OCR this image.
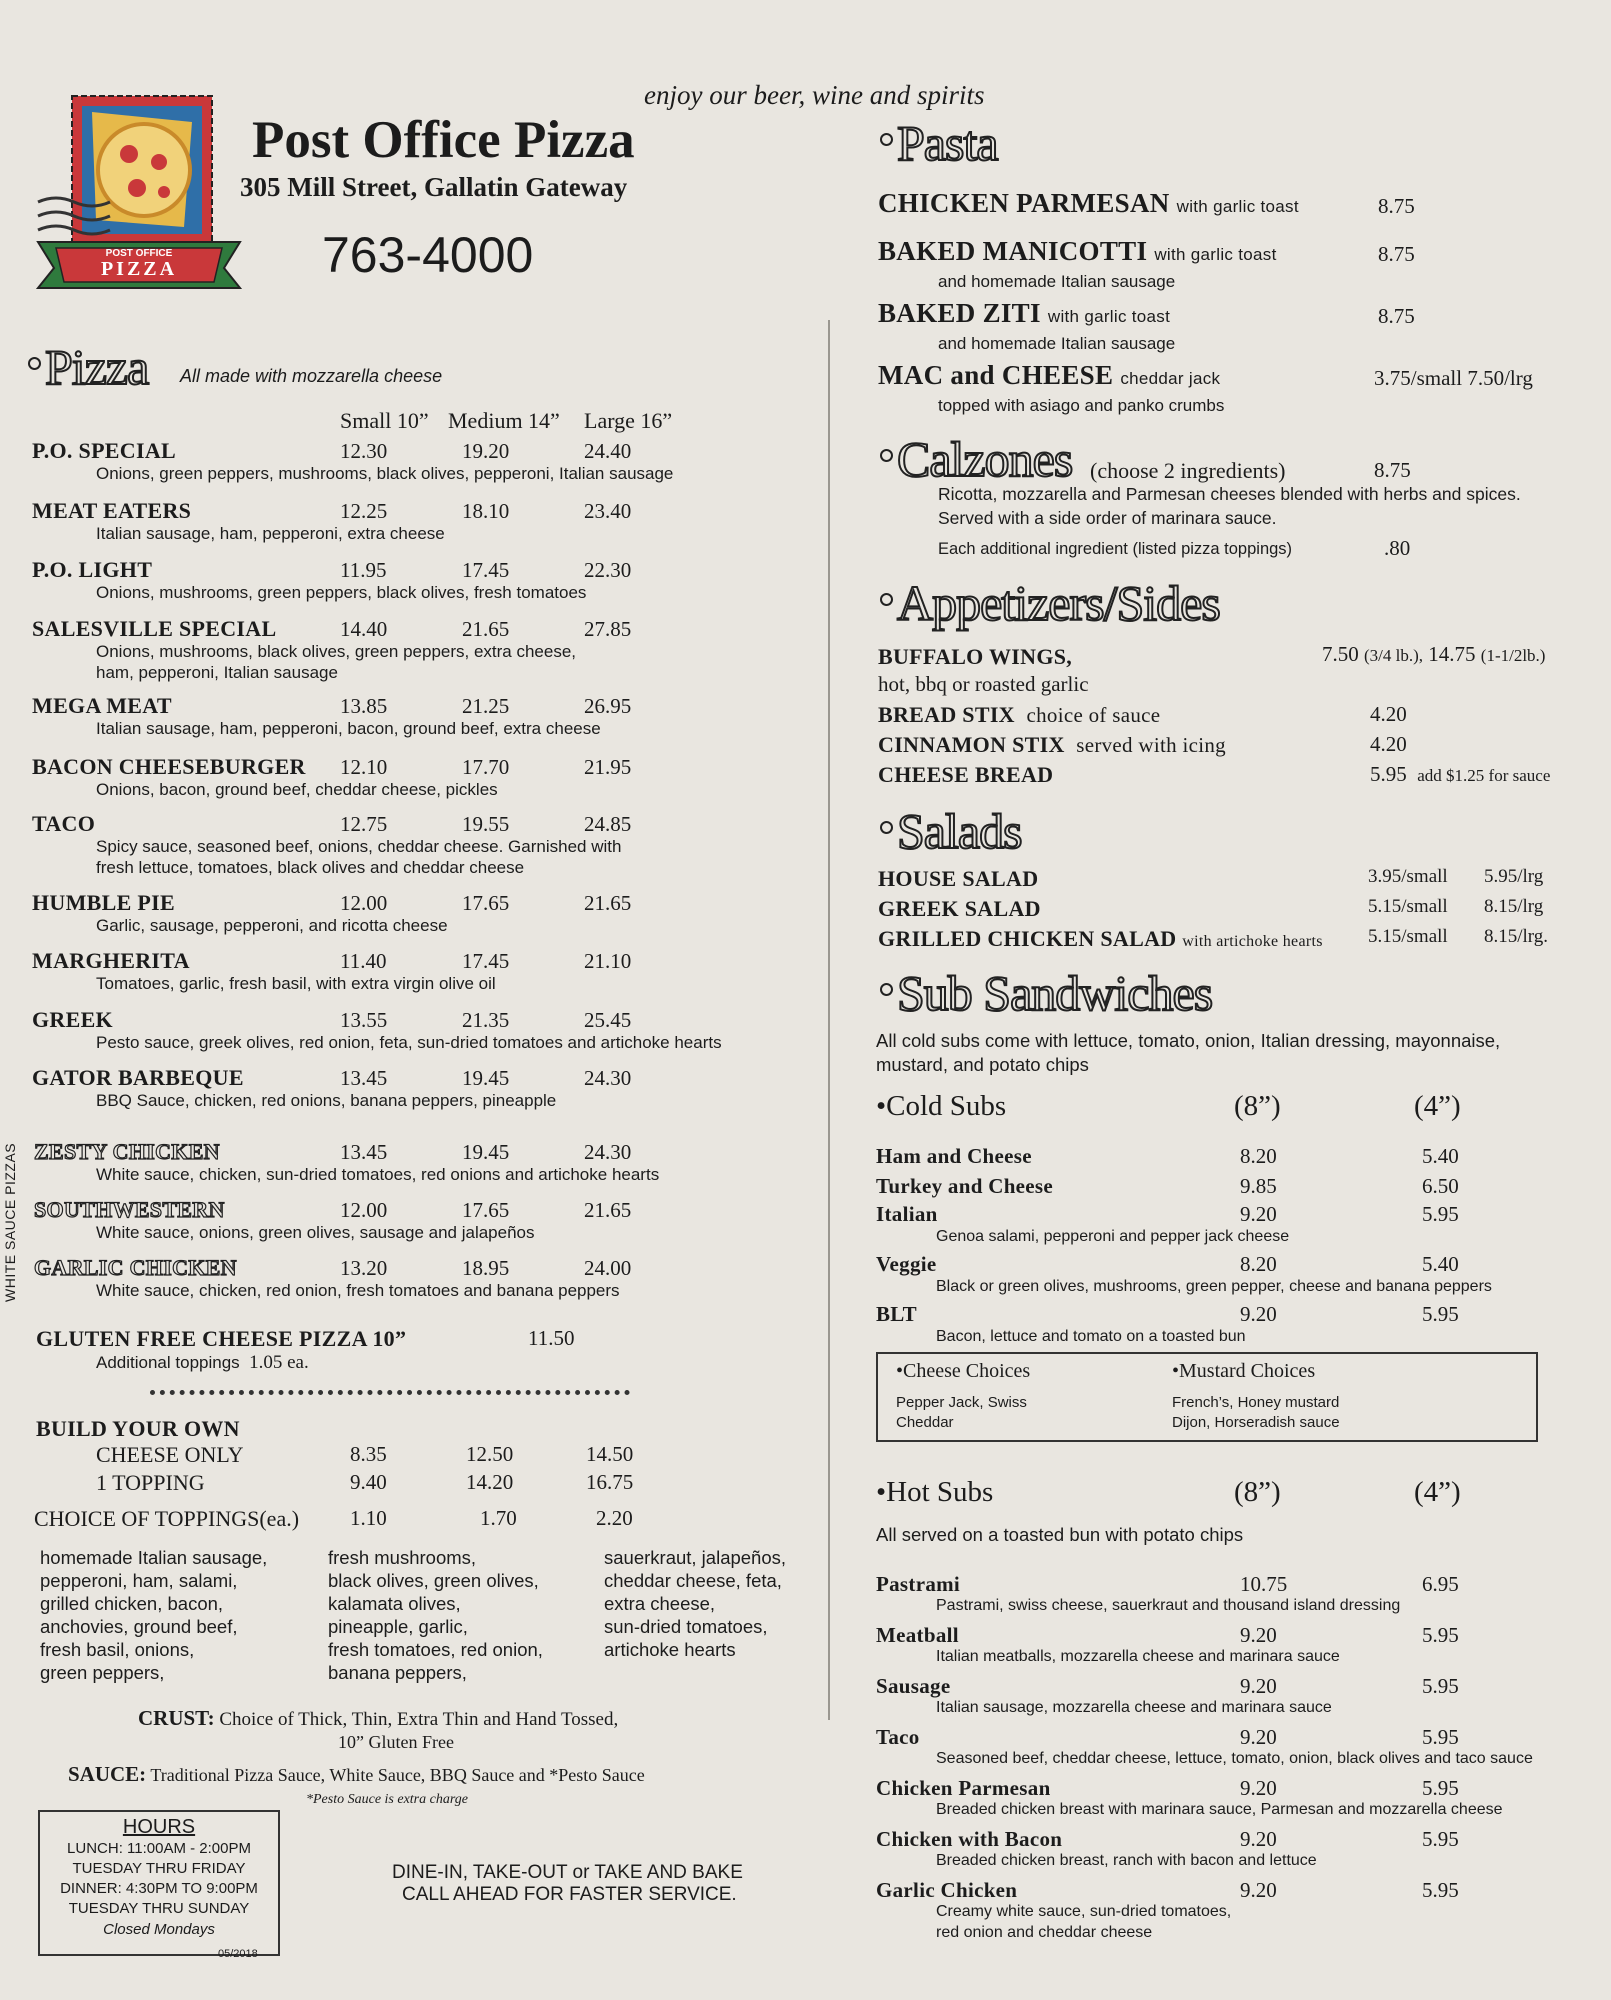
POST OFFICE
PIZZA
enjoy our beer, wine and spirits
Post Office Pizza
305 Mill Street, Gallatin Gateway
763-4000
Pizza All made with mozzarella cheese
Small 10” Medium 14” Large 16”
WHITE SAUCE PIZZAS
GLUTEN FREE CHEESE PIZZA 10”	11.50
Additional toppings 1.05 ea.
BUILD YOUR OWN
CHOICE OF TOPPINGS(ea.) 1.10	1.70	2.20
CRUST: Choice of Thick, Thin, Extra Thin and Hand Tossed,
10” Gluten Free
SAUCE: Traditional Pizza Sauce, White Sauce, BBQ Sauce and *Pesto Sauce
*Pesto Sauce is extra charge
HOURS
LUNCH: 11:00AM - 2:00PM
TUESDAY THRU FRIDAY
DINNER: 4:30PM TO 9:00PM
TUESDAY THRU SUNDAY
Closed Mondays
05/2018
DINE-IN, TAKE-OUT or TAKE AND BAKE
CALL AHEAD FOR FASTER SERVICE.
Pasta
Calzones (choose 2 ingredients)	8.75
Ricotta, mozzarella and Parmesan cheeses blended with herbs and spices.
Served with a side order of marinara sauce.
Each additional ingredient (listed pizza toppings)	.80
Appetizers/Sides
BUFFALO WINGS,	7.50 (3/4 lb.), 14.75 (1-1/2lb.)
hot, bbq or roasted garlic
Salads
Sub Sandwiches
All cold subs come with lettuce, tomato, onion, Italian dressing, mayonnaise,
mustard, and potato chips
•Cold Subs	(8”)	(4”)
•Cheese Choices
Pepper Jack, Swiss
Cheddar
•Mustard Choices
French’s, Honey mustard
Dijon, Horseradish sauce
•Hot Subs	(8”)	(4”)
All served on a toasted bun with potato chips
P.O. SPECIAL	12.30	19.20	24.40
Onions, green peppers, mushrooms, black olives, pepperoni, Italian sausage
MEAT EATERS	12.25	18.10	23.40
Italian sausage, ham, pepperoni, extra cheese
P.O. LIGHT	11.95	17.45	22.30
Onions, mushrooms, green peppers, black olives, fresh tomatoes
SALESVILLE SPECIAL	14.40	21.65	27.85
Onions, mushrooms, black olives, green peppers, extra cheese,
ham, pepperoni, Italian sausage
MEGA MEAT	13.85	21.25	26.95
Italian sausage, ham, pepperoni, bacon, ground beef, extra cheese
BACON CHEESEBURGER 12.10	17.70	21.95
Onions, bacon, ground beef, cheddar cheese, pickles
TACO	12.75	19.55	24.85
Spicy sauce, seasoned beef, onions, cheddar cheese. Garnished with
fresh lettuce, tomatoes, black olives and cheddar cheese
HUMBLE PIE	12.00	17.65	21.65
Garlic, sausage, pepperoni, and ricotta cheese
MARGHERITA	11.40	17.45	21.10
Tomatoes, garlic, fresh basil, with extra virgin olive oil
GREEK	13.55	21.35	25.45
Pesto sauce, greek olives, red onion, feta, sun-dried tomatoes and artichoke hearts
GATOR BARBEQUE	13.45	19.45	24.30
BBQ Sauce, chicken, red onions, banana peppers, pineapple
ZESTY CHICKEN	13.45	19.45	24.30
White sauce, chicken, sun-dried tomatoes, red onions and artichoke hearts
SOUTHWESTERN	12.00	17.65	21.65
White sauce, onions, green olives, sausage and jalapeños
GARLIC CHICKEN	13.20	18.95	24.00
White sauce, chicken, red onion, fresh tomatoes and banana peppers
CHEESE ONLY	8.35	12.50	14.50
1 TOPPING	9.40	14.20	16.75
homemade Italian sausage,
pepperoni, ham, salami,
grilled chicken, bacon,
anchovies, ground beef,
fresh basil, onions,
green peppers,
fresh mushrooms,
black olives, green olives,
kalamata olives,
pineapple, garlic,
fresh tomatoes, red onion,
banana peppers,
sauerkraut, jalapeños,
cheddar cheese, feta,
extra cheese,
sun-dried tomatoes,
artichoke hearts
CHICKEN PARMESAN with garlic toast	8.75
BAKED MANICOTTI with garlic toast	8.75
and homemade Italian sausage
BAKED ZITI with garlic toast	8.75
and homemade Italian sausage
MAC and CHEESE cheddar jack	3.75/small 7.50/lrg
topped with asiago and panko crumbs
BREAD STIX choice of sauce	4.20
CINNAMON STIX served with icing	4.20
CHEESE BREAD	5.95 add $1.25 for sauce
HOUSE SALAD	3.95/small 5.95/lrg
GREEK SALAD	5.15/small 8.15/lrg
GRILLED CHICKEN SALAD with artichoke hearts 5.15/small 8.15/lrg.
Ham and Cheese	8.20	5.40
Turkey and Cheese	9.85	6.50
Italian	9.20	5.95
Genoa salami, pepperoni and pepper jack cheese
Veggie	8.20	5.40
Black or green olives, mushrooms, green pepper, cheese and banana peppers
BLT	9.20	5.95
Bacon, lettuce and tomato on a toasted bun
Pastrami	10.75	6.95
Pastrami, swiss cheese, sauerkraut and thousand island dressing
Meatball	9.20	5.95
Italian meatballs, mozzarella cheese and marinara sauce
Sausage	9.20	5.95
Italian sausage, mozzarella cheese and marinara sauce
Taco	9.20	5.95
Seasoned beef, cheddar cheese, lettuce, tomato, onion, black olives and taco sauce
Chicken Parmesan	9.20	5.95
Breaded chicken breast with marinara sauce, Parmesan and mozzarella cheese
Chicken with Bacon	9.20	5.95
Breaded chicken breast, ranch with bacon and lettuce
Garlic Chicken	9.20	5.95
Creamy white sauce, sun-dried tomatoes,
red onion and cheddar cheese
